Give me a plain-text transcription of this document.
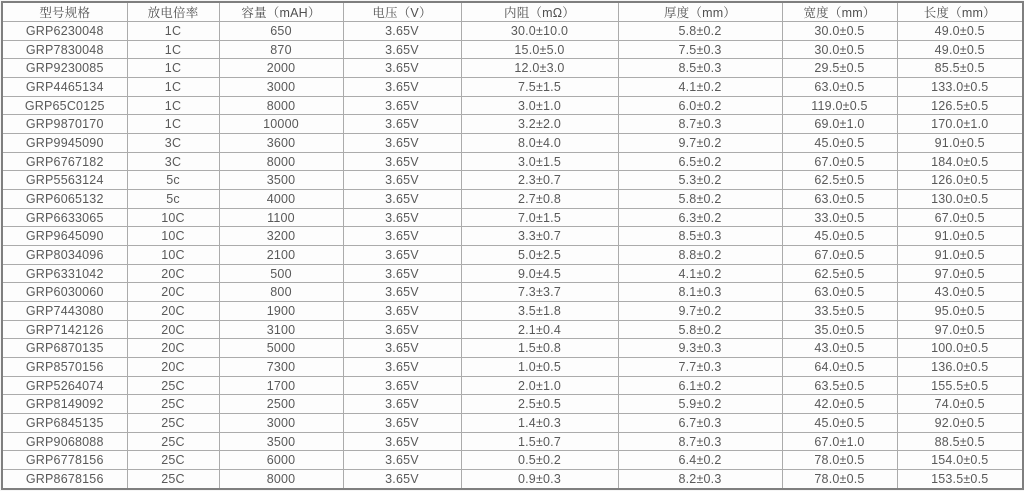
型号规格	放电倍率	容量（mAH）	电压（V）	内阻（mΩ）	厚度（mm）	宽度（mm）	长度（mm）
GRP6230048	1C	650	3.65V	30.0±10.0	5.8±0.2	30.0±0.5	49.0±0.5
GRP7830048	1C	870	3.65V	15.0±5.0	7.5±0.3	30.0±0.5	49.0±0.5
GRP9230085	1C	2000	3.65V	12.0±3.0	8.5±0.3	29.5±0.5	85.5±0.5
GRP4465134	1C	3000	3.65V	7.5±1.5	4.1±0.2	63.0±0.5	133.0±0.5
GRP65C0125	1C	8000	3.65V	3.0±1.0	6.0±0.2	119.0±0.5	126.5±0.5
GRP9870170	1C	10000	3.65V	3.2±2.0	8.7±0.3	69.0±1.0	170.0±1.0
GRP9945090	3C	3600	3.65V	8.0±4.0	9.7±0.2	45.0±0.5	91.0±0.5
GRP6767182	3C	8000	3.65V	3.0±1.5	6.5±0.2	67.0±0.5	184.0±0.5
GRP5563124	5c	3500	3.65V	2.3±0.7	5.3±0.2	62.5±0.5	126.0±0.5
GRP6065132	5c	4000	3.65V	2.7±0.8	5.8±0.2	63.0±0.5	130.0±0.5
GRP6633065	10C	1100	3.65V	7.0±1.5	6.3±0.2	33.0±0.5	67.0±0.5
GRP9645090	10C	3200	3.65V	3.3±0.7	8.5±0.3	45.0±0.5	91.0±0.5
GRP8034096	10C	2100	3.65V	5.0±2.5	8.8±0.2	67.0±0.5	91.0±0.5
GRP6331042	20C	500	3.65V	9.0±4.5	4.1±0.2	62.5±0.5	97.0±0.5
GRP6030060	20C	800	3.65V	7.3±3.7	8.1±0.3	63.0±0.5	43.0±0.5
GRP7443080	20C	1900	3.65V	3.5±1.8	9.7±0.2	33.5±0.5	95.0±0.5
GRP7142126	20C	3100	3.65V	2.1±0.4	5.8±0.2	35.0±0.5	97.0±0.5
GRP6870135	20C	5000	3.65V	1.5±0.8	9.3±0.3	43.0±0.5	100.0±0.5
GRP8570156	20C	7300	3.65V	1.0±0.5	7.7±0.3	64.0±0.5	136.0±0.5
GRP5264074	25C	1700	3.65V	2.0±1.0	6.1±0.2	63.5±0.5	155.5±0.5
GRP8149092	25C	2500	3.65V	2.5±0.5	5.9±0.2	42.0±0.5	74.0±0.5
GRP6845135	25C	3000	3.65V	1.4±0.3	6.7±0.3	45.0±0.5	92.0±0.5
GRP9068088	25C	3500	3.65V	1.5±0.7	8.7±0.3	67.0±1.0	88.5±0.5
GRP6778156	25C	6000	3.65V	0.5±0.2	6.4±0.2	78.0±0.5	154.0±0.5
GRP8678156	25C	8000	3.65V	0.9±0.3	8.2±0.3	78.0±0.5	153.5±0.5
